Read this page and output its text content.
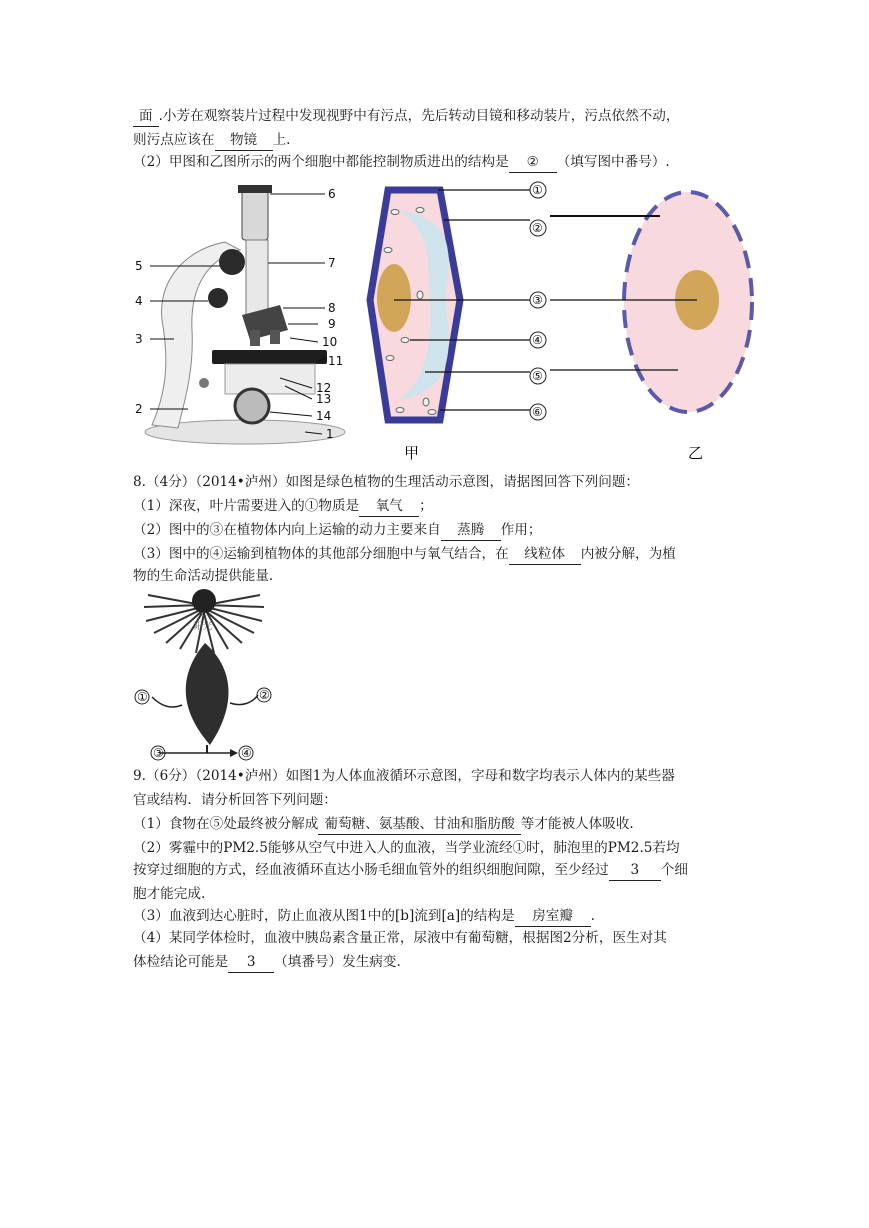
面 .小芳在观察装片过程中发现视野中有污点，先后转动目镜和移动装片，污点依然不动，
则污点应该在 物镜 上.
（2）甲图和乙图所示的两个细胞中都能控制物质进出的结构是 ② （填写图中番号）.
1
2
3
4
5
6
7
8
9
10
11
12
13
14
①
②
③
④
⑤
⑥
甲	乙
8.（4分）（2014•泸州）如图是绿色植物的生理活动示意图，请据图回答下列问题：
（1）深夜，叶片需要进入的①物质是 氧气 ；
（2）图中的③在植物体内向上运输的动力主要来自 蒸腾 作用；
（3）图中的④运输到植物体的其他部分细胞中与氧气结合，在 线粒体 内被分解，为植
物的生命活动提供能量.
阳光
①	②
③	④
9.（6分）（2014•泸州）如图1为人体血液循环示意图，字母和数字均表示人体内的某些器
官或结构．请分析回答下列问题：
（1）食物在⑤处最终被分解成 葡萄糖、氨基酸、甘油和脂肪酸 等才能被人体吸收.
（2）雾霾中的PM2.5能够从空气中进入人的血液，当学业流经①时，肺泡里的PM2.5若均
按穿过细胞的方式，经血液循环直达小肠毛细血管外的组织细胞间隙，至少经过 3 个细
胞才能完成.
（3）血液到达心脏时，防止血液从图1中的[b]流到[a]的结构是 房室瓣 .
（4）某同学体检时，血液中胰岛素含量正常，尿液中有葡萄糖，根据图2分析，医生对其
体检结论可能是 3 （填番号）发生病变.
